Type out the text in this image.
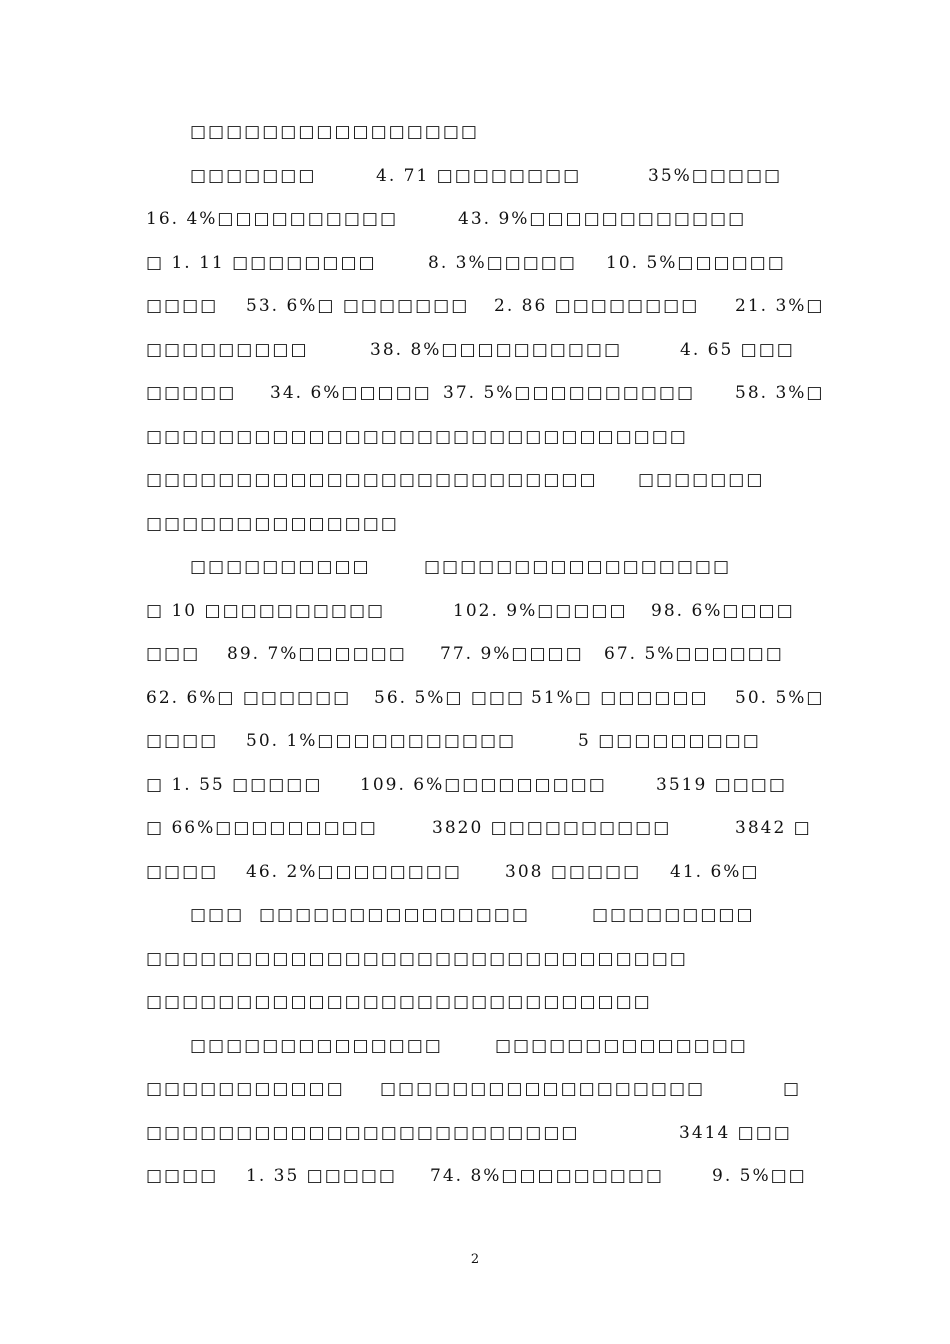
□□□□□□□□□□□□□□□□
□□□□□□□	4. 71 □□□□□□□□	35%□□□□□
16. 4%□□□□□□□□□□	43. 9%□□□□□□□□□□□□
□ 1. 11 □□□□□□□□	8. 3%□□□□□ 10. 5%□□□□□□
□□□□ 53. 6%□ □□□□□□□ 2. 86 □□□ □□□□□ 21. 3%□
□□□□□□□□□	38. 8%□□□□□□□□□□	4. 65 □□□
□□□□□ 34. 6%□□□□□ 37. 5%□□□□□□□□□□ 58. 3%□
□□□□□□□□□□□□□□□□□□□□□□□□□□□□□□
□□□□□□□□□□□□□□□□□□□□□□□□□ □□□□□□□
□□□□□□□□□□□□□□
□□□□□□□□□□	□□□□□□□□□□□□□□□□□
□ 10 □□□□□□□□□□	102. 9%□□□□□ 98. 6%□□□□
□□□ 89. 7%□□□□□□ 77. 9%□□□□ 67. 5%□□□□□□
62. 6%□ □□□□□□ 56. 5%□ □□□ 51%□ □□□□□□ 50. 5%□
□□□□ 50. 1%□□□□□□□□□□□	5 □□□□□□□□□
□ 1. 55 □□□□□ 109. 6%□□□□□□□□□	3519 □□□□
□ 66%□□□□□□□□□	3820 □□□□□□□□□□	3842 □
□□□□ 46. 2%□□□□□□□□	308 □□□□□ 41. 6%□
□□□ □□□□□□□□□□□□□□□	□□□□□□□□□
□□□□□□□□□□□□□□□□□□□□□□□□□□□□□□
□□□□□□□□□□□□□□□□□□□□□□□□□□□□
□□□□□□□□□□□□□□	□□□□□□□□□□□□□□
□□□□□□□□□□□ □□□□□□□□□□□□□□□□□□	□
□□□□□□□□□□□□□□□□□□□□□□□□	3414 □□□
□□□□ 1. 35 □□□□□ 74. 8%□□□□□□□□□	9. 5%□□
2
